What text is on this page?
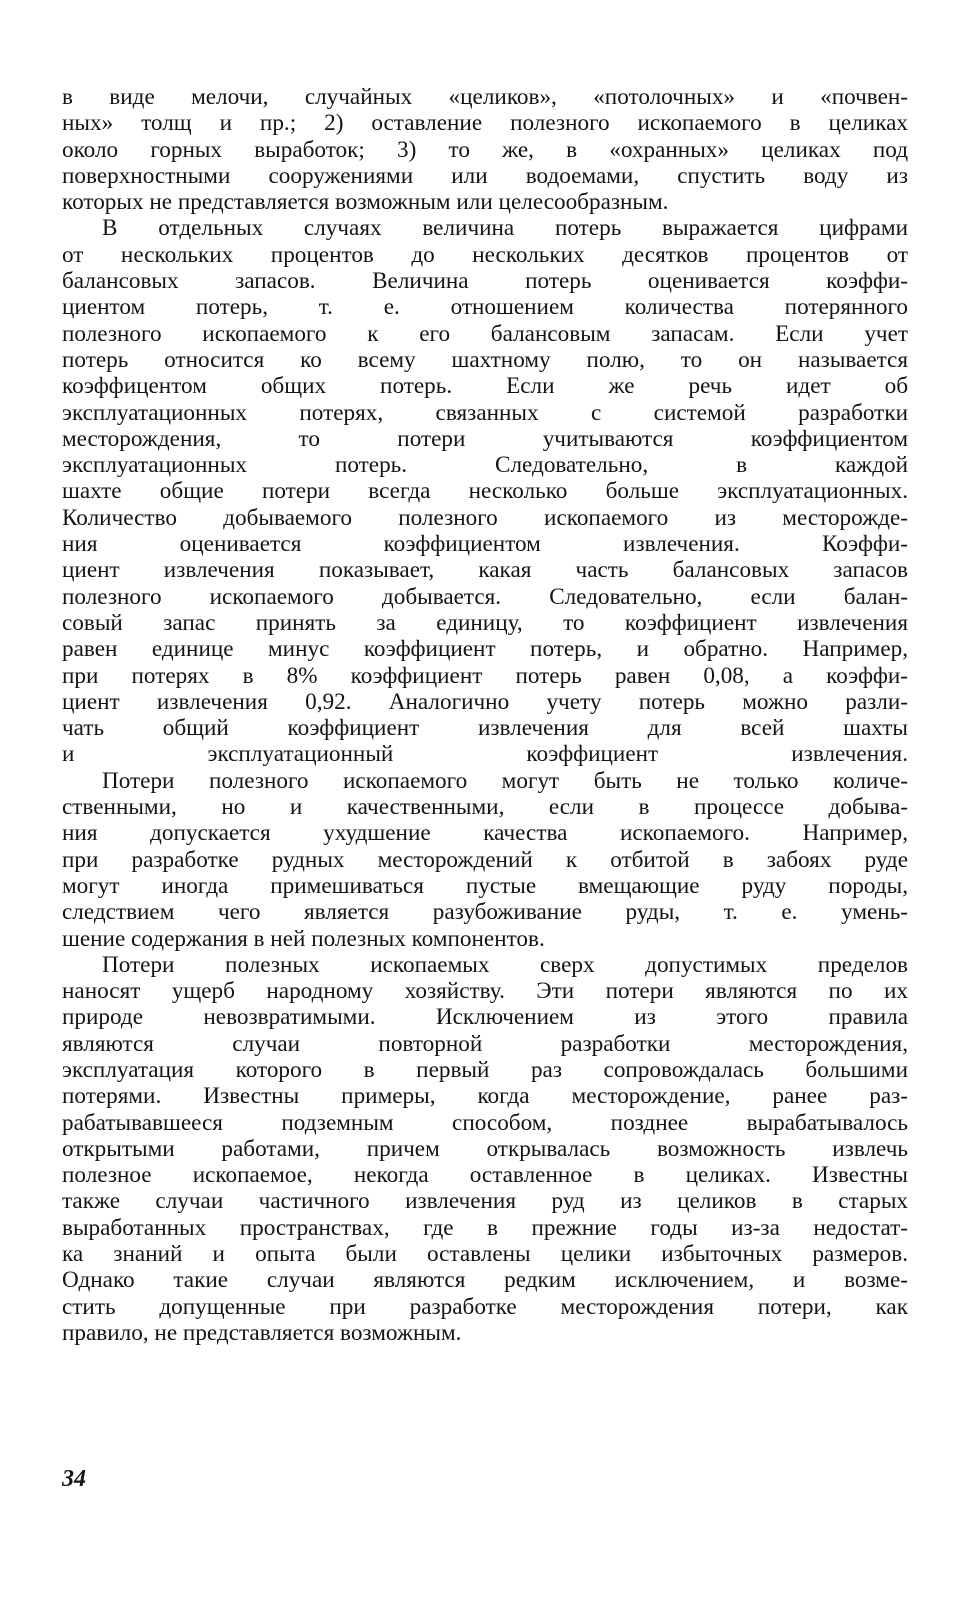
в виде мелочи, случайных «целиков», «потолочных» и «почвен-
ных» толщ и пр.; 2) оставление полезного ископаемого в целиках
около горных выработок; 3) то же, в «охранных» целиках под
поверхностными сооружениями или водоемами, спустить воду из
которых не представляется возможным или целесообразным.
В отдельных случаях величина потерь выражается цифрами
от нескольких процентов до нескольких десятков процентов от
балансовых запасов. Величина потерь оценивается коэффи-
циентом потерь, т. е. отношением количества потерянного
полезного ископаемого к его балансовым запасам. Если учет
потерь относится ко всему шахтному полю, то он называется
коэффицентом общих потерь. Если же речь идет об
эксплуатационных потерях, связанных с системой разработки
месторождения, то потери учитываются коэффициентом
эксплуатационных потерь. Следовательно, в каждой
шахте общие потери всегда несколько больше эксплуатационных.
Количество добываемого полезного ископаемого из месторожде-
ния оценивается коэффициентом извлечения. Коэффи-
циент извлечения показывает, какая часть балансовых запасов
полезного ископаемого добывается. Следовательно, если балан-
совый запас принять за единицу, то коэффициент извлечения
равен единице минус коэффициент потерь, и обратно. Например,
при потерях в 8% коэффициент потерь равен 0,08, а коэффи-
циент извлечения 0,92. Аналогично учету потерь можно разли-
чать общий коэффициент извлечения для всей шахты
и эксплуатационный коэффициент извлечения.
Потери полезного ископаемого могут быть не только количе-
ственными, но и качественными, если в процессе добыва-
ния допускается ухудшение качества ископаемого. Например,
при разработке рудных месторождений к отбитой в забоях руде
могут иногда примешиваться пустые вмещающие руду породы,
следствием чего является разубоживание руды, т. е. умень-
шение содержания в ней полезных компонентов.
Потери полезных ископаемых сверх допустимых пределов
наносят ущерб народному хозяйству. Эти потери являются по их
природе невозвратимыми. Исключением из этого правила
являются случаи повторной разработки месторождения,
эксплуатация которого в первый раз сопровождалась большими
потерями. Известны примеры, когда месторождение, ранее раз-
рабатывавшееся подземным способом, позднее вырабатывалось
открытыми работами, причем открывалась возможность извлечь
полезное ископаемое, некогда оставленное в целиках. Известны
также случаи частичного извлечения руд из целиков в старых
выработанных пространствах, где в прежние годы из-за недостат-
ка знаний и опыта были оставлены целики избыточных размеров.
Однако такие случаи являются редким исключением, и возме-
стить допущенные при разработке месторождения потери, как
правило, не представляется возможным.
34
